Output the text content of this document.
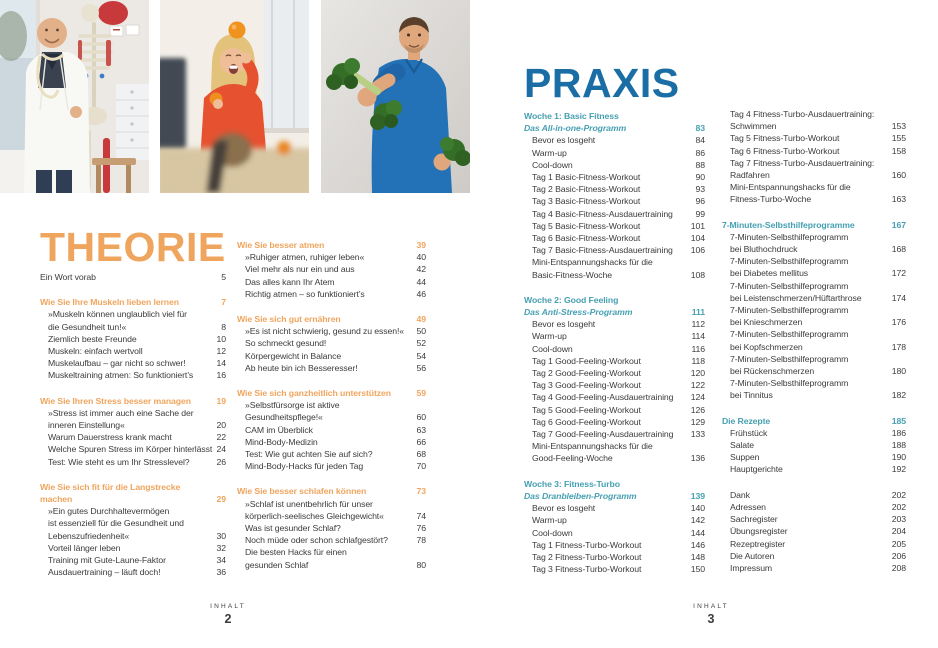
THEORIE
PRAXIS
Ein Wort vorab	5
Wie Sie Ihre Muskeln lieben lernen	7
»Muskeln können unglaublich viel für
die Gesundheit tun!«	8
Ziemlich beste Freunde	10
Muskeln: einfach wertvoll	12
Muskelaufbau – gar nicht so schwer!	14
Muskeltraining atmen: So funktioniert’s	16
Wie Sie Ihren Stress besser managen	19
»Stress ist immer auch eine Sache der
inneren Einstellung«	20
Warum Dauerstress krank macht	22
Welche Spuren Stress im Körper hinterlässt 24
Test: Wie steht es um Ihr Stresslevel?	26
Wie Sie sich fit für die Langstrecke
machen	29
»Ein gutes Durchhaltevermögen
ist essenziell für die Gesundheit und
Lebenszufriedenheit«	30
Vorteil länger leben	32
Training mit Gute-Laune-Faktor	34
Ausdauertraining – läuft doch!	36
Wie Sie besser atmen	39
»Ruhiger atmen, ruhiger leben«	40
Viel mehr als nur ein und aus	42
Das alles kann Ihr Atem	44
Richtig atmen – so funktioniert’s	46
Wie Sie sich gut ernähren	49
»Es ist nicht schwierig, gesund zu essen!« 50
So schmeckt gesund!	52
Körpergewicht in Balance	54
Ab heute bin ich Besseresser!	56
Wie Sie sich ganzheitlich unterstützen	59
»Selbstfürsorge ist aktive
Gesundheitspflege!«	60
CAM im Überblick	63
Mind-Body-Medizin	66
Test: Wie gut achten Sie auf sich?	68
Mind-Body-Hacks für jeden Tag	70
Wie Sie besser schlafen können	73
»Schlaf ist unentbehrlich für unser
körperlich-seelisches Gleichgewicht«	74
Was ist gesunder Schlaf?	76
Noch müde oder schon schlafgestört?	78
Die besten Hacks für einen
gesunden Schlaf	80
Woche 1: Basic Fitness
Das All-in-one-Programm	83
Bevor es losgeht	84
Warm-up	86
Cool-down	88
Tag 1 Basic-Fitness-Workout	90
Tag 2 Basic-Fitness-Workout	93
Tag 3 Basic-Fitness-Workout	96
Tag 4 Basic-Fitness-Ausdauertraining	99
Tag 5 Basic-Fitness-Workout	101
Tag 6 Basic-Fitness-Workout	104
Tag 7 Basic-Fitness-Ausdauertraining 106
Mini-Entspannungshacks für die
Basic-Fitness-Woche	108
Woche 2: Good Feeling
Das Anti-Stress-Programm	111
Bevor es losgeht	112
Warm-up	114
Cool-down	116
Tag 1 Good-Feeling-Workout	118
Tag 2 Good-Feeling-Workout	120
Tag 3 Good-Feeling-Workout	122
Tag 4 Good-Feeling-Ausdauertraining 124
Tag 5 Good-Feeling-Workout	126
Tag 6 Good-Feeling-Workout	129
Tag 7 Good-Feeling-Ausdauertraining 133
Mini-Entspannungshacks für die
Good-Feeling-Woche	136
Woche 3: Fitness-Turbo
Das Dranbleiben-Programm	139
Bevor es losgeht	140
Warm-up	142
Cool-down	144
Tag 1 Fitness-Turbo-Workout	146
Tag 2 Fitness-Turbo-Workout	148
Tag 3 Fitness-Turbo-Workout	150
Tag 4 Fitness-Turbo-Ausdauertraining:
Schwimmen	153
Tag 5 Fitness-Turbo-Workout	155
Tag 6 Fitness-Turbo-Workout	158
Tag 7 Fitness-Turbo-Ausdauertraining:
Radfahren	160
Mini-Entspannungshacks für die
Fitness-Turbo-Woche	163
7-Minuten-Selbsthilfeprogramme	167
7-Minuten-Selbsthilfeprogramm
bei Bluthochdruck	168
7-Minuten-Selbsthilfeprogramm
bei Diabetes mellitus	172
7-Minuten-Selbsthilfeprogramm
bei Leistenschmerzen/Hüftarthrose	174
7-Minuten-Selbsthilfeprogramm
bei Knieschmerzen	176
7-Minuten-Selbsthilfeprogramm
bei Kopfschmerzen	178
7-Minuten-Selbsthilfeprogramm
bei Rückenschmerzen	180
7-Minuten-Selbsthilfeprogramm
bei Tinnitus	182
Die Rezepte	185
Frühstück	186
Salate	188
Suppen	190
Hauptgerichte	192
Dank	202
Adressen	202
Sachregister	203
Übungsregister	204
Rezeptregister	205
Die Autoren	206
Impressum	208
INHALT
2
INHALT
3
